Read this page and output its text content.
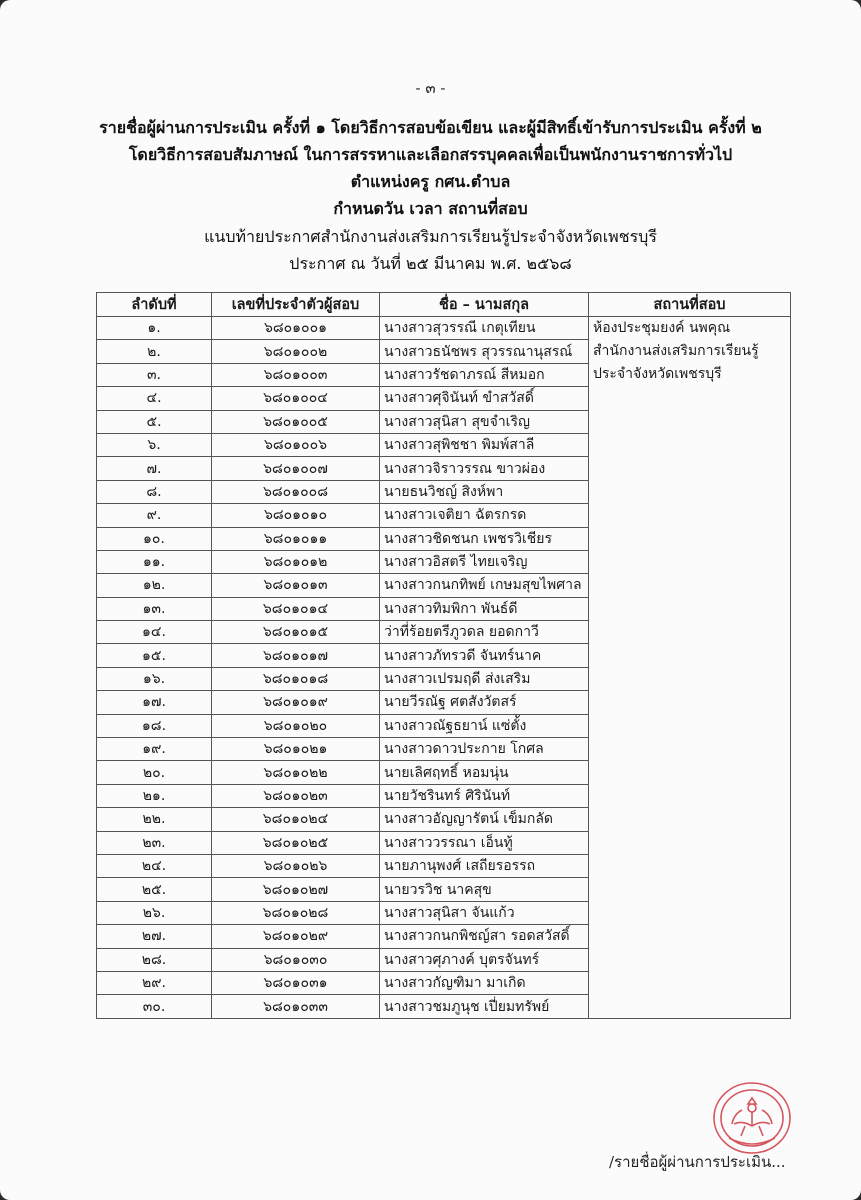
- ๓ -
รายชื่อผู้ผ่านการประเมิน ครั้งที่ ๑ โดยวิธีการสอบข้อเขียน และผู้มีสิทธิ์เข้ารับการประเมิน ครั้งที่ ๒
โดยวิธีการสอบสัมภาษณ์ ในการสรรหาและเลือกสรรบุคคลเพื่อเป็นพนักงานราชการทั่วไป
ตำแหน่งครู กศน.ตำบล
กำหนดวัน เวลา สถานที่สอบ
แนบท้ายประกาศสำนักงานส่งเสริมการเรียนรู้ประจำจังหวัดเพชรบุรี
ประกาศ ณ วันที่ ๒๕ มีนาคม พ.ศ. ๒๕๖๘
ลำดับที่	เลขที่ประจำตัวผู้สอบ	ชื่อ – นามสกุล	สถานที่สอบ
๑.	๖๘๐๑๐๐๑	นางสาวสุวรรณี เกตุเทียน	ห้องประชุมยงค์ นพคุณ
สำนักงานส่งเสริมการเรียนรู้
ประจำจังหวัดเพชรบุรี

๒.	๖๘๐๑๐๐๒	นางสาวธนัชพร สุวรรณานุสรณ์	
๓.	๖๘๐๑๐๐๓	นางสาวรัชดาภรณ์ สีหมอก	
๔.	๖๘๐๑๐๐๔	นางสาวศุจินันท์ ขำสวัสดิ์	
๕.	๖๘๐๑๐๐๕	นางสาวสุนิสา สุขจำเริญ	
๖.	๖๘๐๑๐๐๖	นางสาวสุพิชชา พิมพ์สาลี	
๗.	๖๘๐๑๐๐๗	นางสาวจิราวรรณ ขาวผ่อง	
๘.	๖๘๐๑๐๐๘	นายธนวิชญ์ สิงห์พา	
๙.	๖๘๐๑๐๑๐	นางสาวเจติยา ฉัตรกรด	
๑๐.	๖๘๐๑๐๑๑	นางสาวชิดชนก เพชรวิเชียร	
๑๑.	๖๘๐๑๐๑๒	นางสาวอิสตรี ไทยเจริญ	
๑๒.	๖๘๐๑๐๑๓	นางสาวกนกทิพย์ เกษมสุขไพศาล	
๑๓.	๖๘๐๑๐๑๔	นางสาวทิมพิกา พันธ์ดี	
๑๔.	๖๘๐๑๐๑๕	ว่าที่ร้อยตรีภูวดล ยอดกาวี	
๑๕.	๖๘๐๑๐๑๗	นางสาวภัทรวดี จันทร์นาค	
๑๖.	๖๘๐๑๐๑๘	นางสาวเปรมฤดี ส่งเสริม	
๑๗.	๖๘๐๑๐๑๙	นายวีรณัฐ ศตสังวัตสร์	
๑๘.	๖๘๐๑๐๒๐	นางสาวณัฐธยาน์ แซ่ตั้ง	
๑๙.	๖๘๐๑๐๒๑	นางสาวดาวประกาย โกศล	
๒๐.	๖๘๐๑๐๒๒	นายเลิศฤทธิ์ หอมนุ่น	
๒๑.	๖๘๐๑๐๒๓	นายวัชรินทร์ ศิรินันท์	
๒๒.	๖๘๐๑๐๒๔	นางสาวอัญญารัตน์ เข็มกลัด	
๒๓.	๖๘๐๑๐๒๕	นางสาววรรณา เอ็นทู้	
๒๔.	๖๘๐๑๐๒๖	นายภานุพงศ์ เสถียรอรรถ	
๒๕.	๖๘๐๑๐๒๗	นายวรวิช นาคสุข	
๒๖.	๖๘๐๑๐๒๘	นางสาวสุนิสา จันแก้ว	
๒๗.	๖๘๐๑๐๒๙	นางสาวกนกพิชญ์สา รอดสวัสดิ์	
๒๘.	๖๘๐๑๐๓๐	นางสาวศุภางค์ บุตรจันทร์	
๒๙.	๖๘๐๑๐๓๑	นางสาวกัญฑิมา มาเกิด	
๓๐.	๖๘๐๑๐๓๓	นางสาวชมภูนุช เปี่ยมทรัพย์	
/รายชื่อผู้ผ่านการประเมิน...
